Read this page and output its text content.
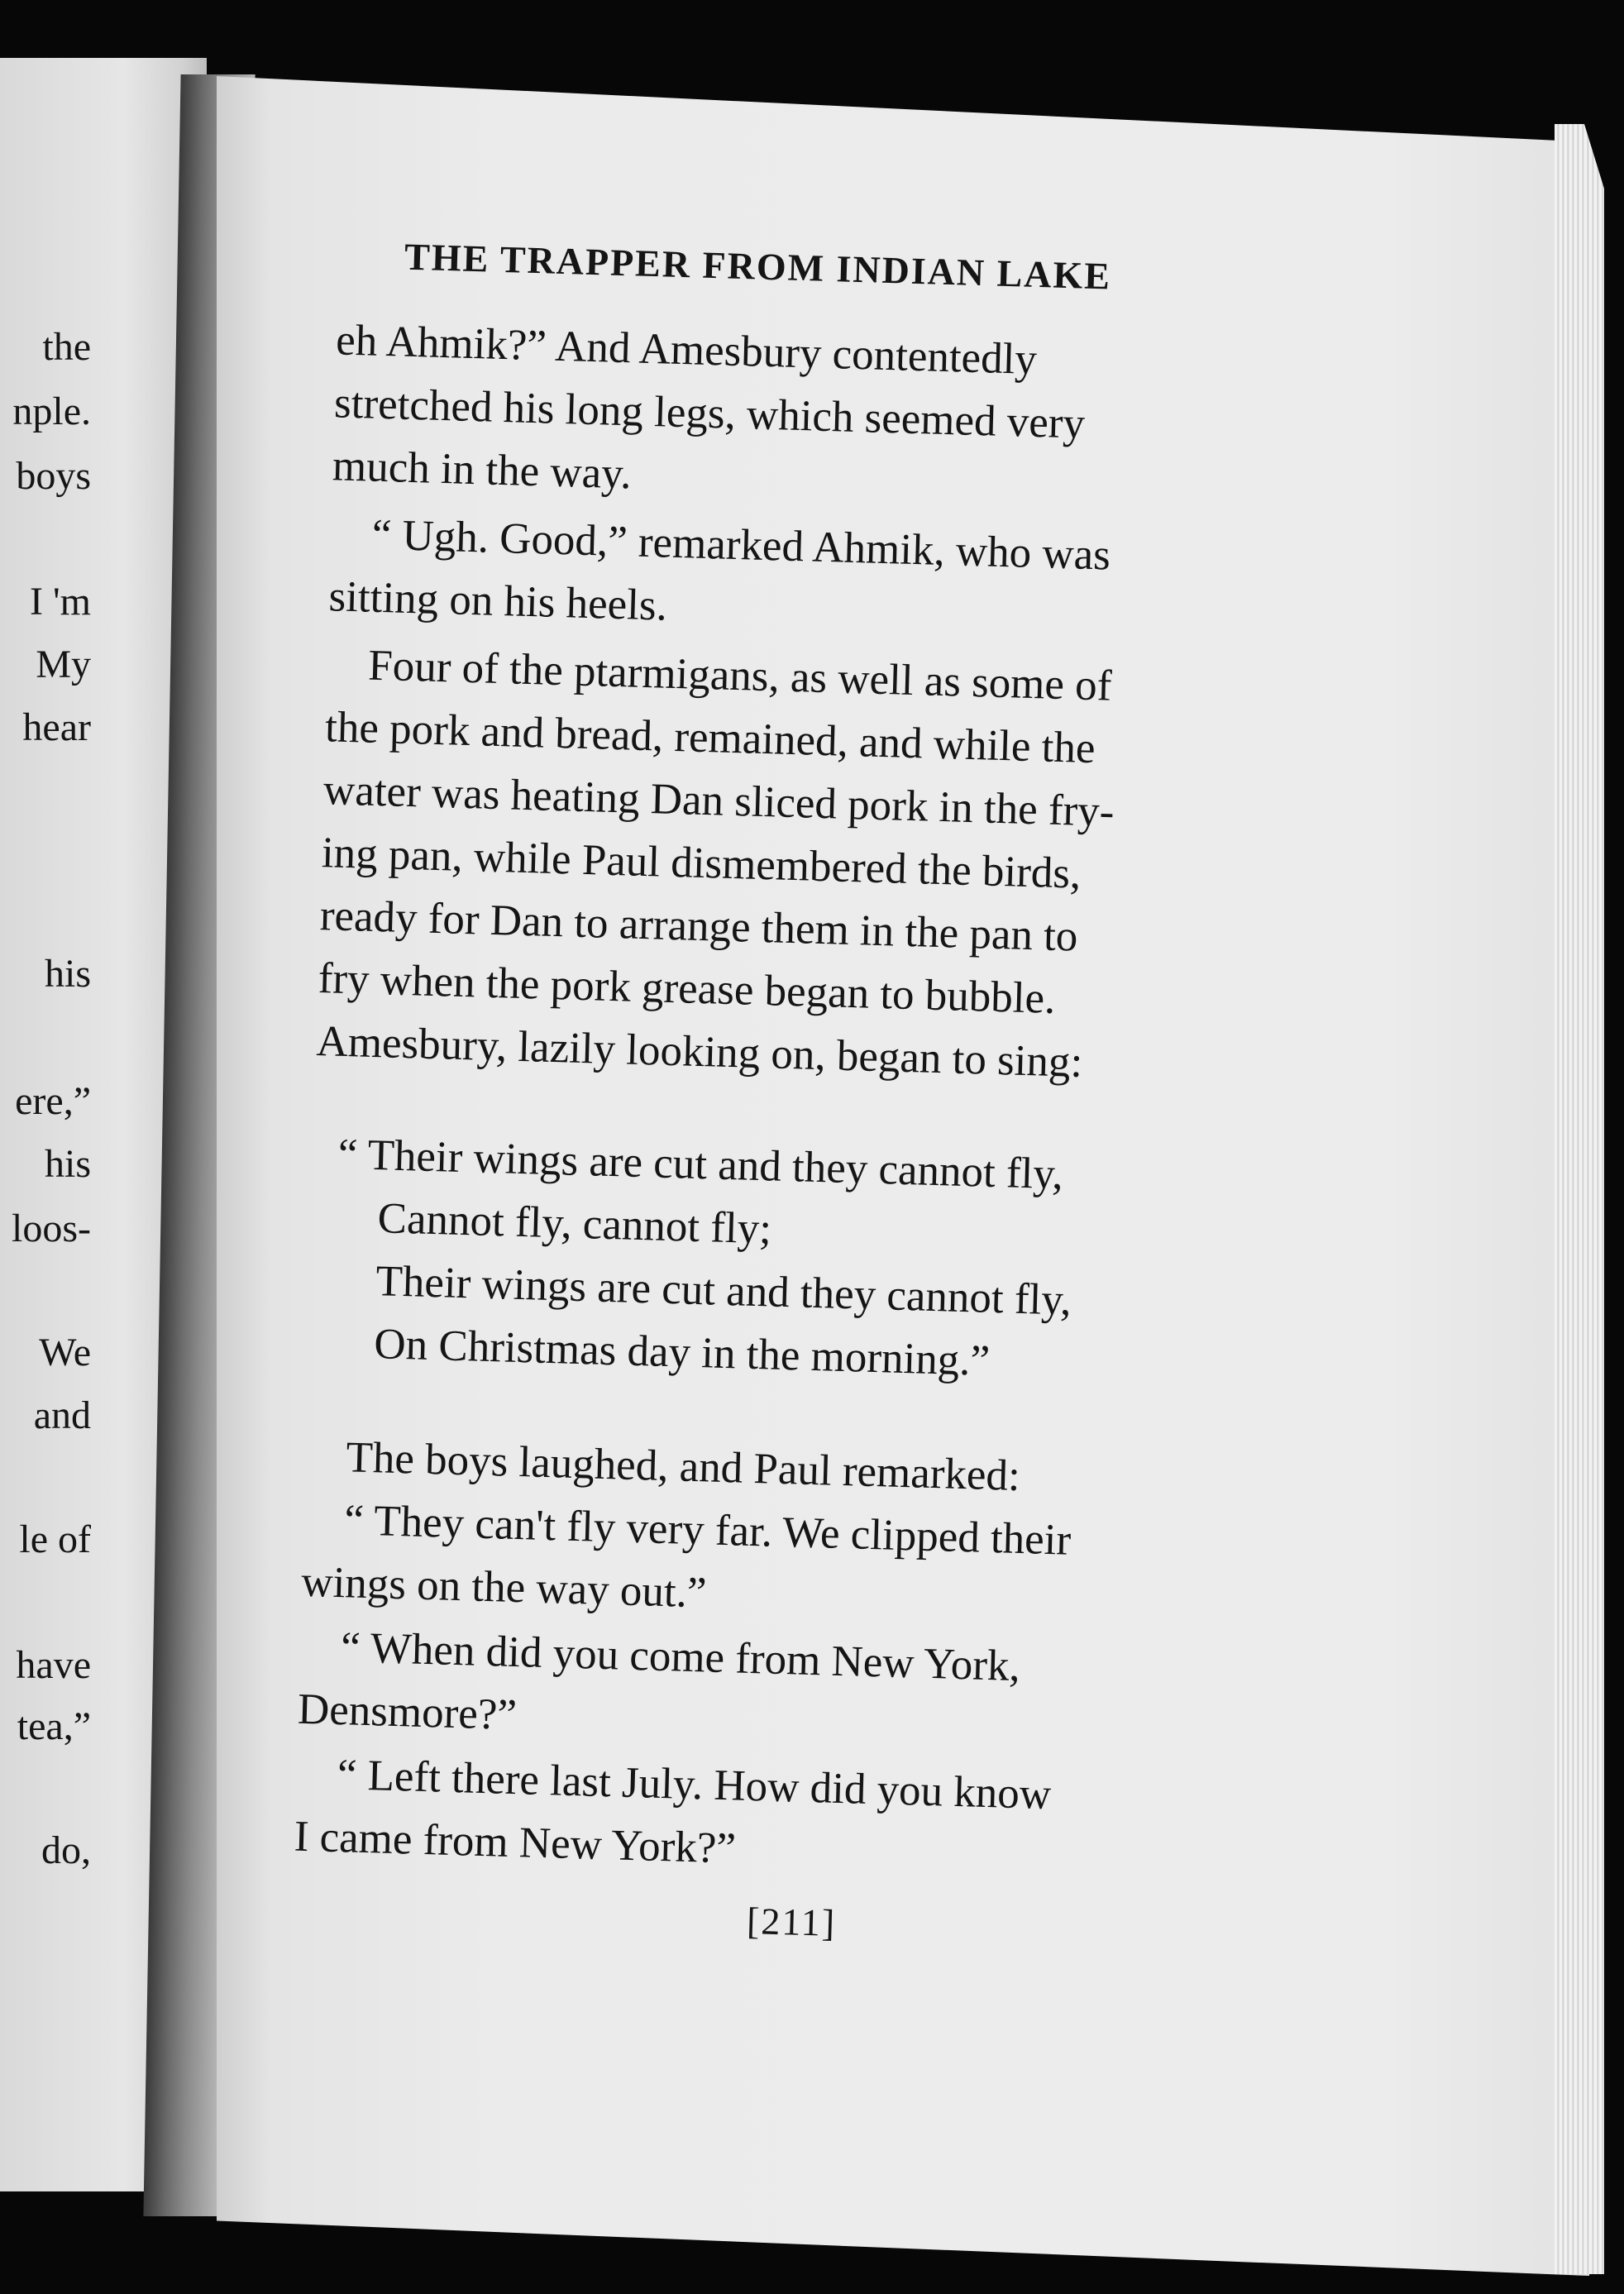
the
nple.
boys
I 'm
My
hear
his
ere,”
his
loos-
We
and
le of
have
tea,”
do,
THE TRAPPER FROM INDIAN LAKE
eh Ahmik?” And Amesbury contentedly
stretched his long legs, which seemed very
much in the way.
“ Ugh. Good,” remarked Ahmik, who was
sitting on his heels.
Four of the ptarmigans, as well as some of
the pork and bread, remained, and while the
water was heating Dan sliced pork in the fry-
ing pan, while Paul dismembered the birds,
ready for Dan to arrange them in the pan to
fry when the pork grease began to bubble.
Amesbury, lazily looking on, began to sing:
“ Their wings are cut and they cannot fly,
Cannot fly, cannot fly;
Their wings are cut and they cannot fly,
On Christmas day in the morning.”
The boys laughed, and Paul remarked:
“ They can't fly very far. We clipped their
wings on the way out.”
“ When did you come from New York,
Densmore?”
“ Left there last July. How did you know
I came from New York?”
[211]
